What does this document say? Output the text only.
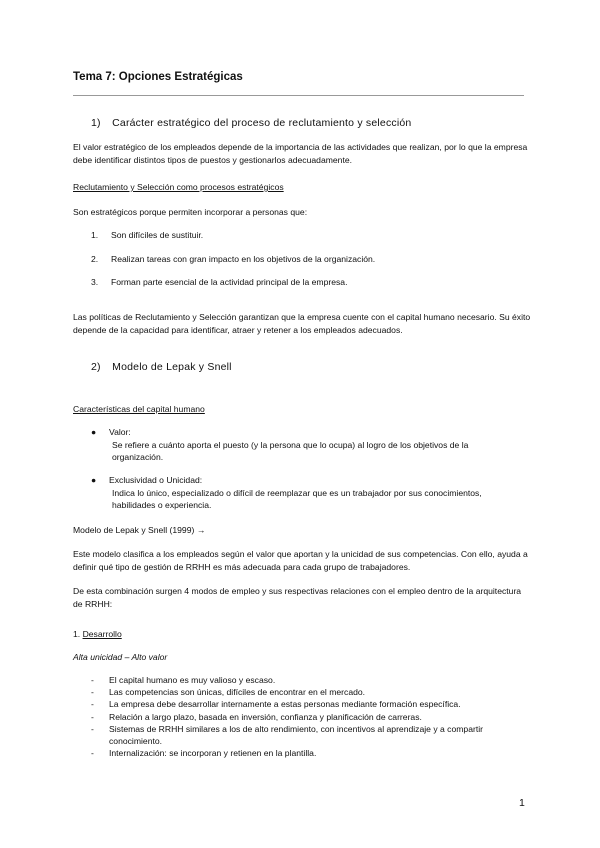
Tema 7: Opciones Estratégicas
1) Carácter estratégico del proceso de reclutamiento y selección
El valor estratégico de los empleados depende de la importancia de las actividades que realizan, por lo que la empresa debe identificar distintos tipos de puestos y gestionarlos adecuadamente.
Reclutamiento y Selección como procesos estratégicos
Son estratégicos porque permiten incorporar a personas que:
1. Son difíciles de sustituir.
2. Realizan tareas con gran impacto en los objetivos de la organización.
3. Forman parte esencial de la actividad principal de la empresa.
Las políticas de Reclutamiento y Selección garantizan que la empresa cuente con el capital humano necesario. Su éxito depende de la capacidad para identificar, atraer y retener a los empleados adecuados.
2) Modelo de Lepak y Snell
Características del capital humano
● Valor:
Se refiere a cuánto aporta el puesto (y la persona que lo ocupa) al logro de los objetivos de la organización.
● Exclusividad o Unicidad:
Indica lo único, especializado o difícil de reemplazar que es un trabajador por sus conocimientos, habilidades o experiencia.
Modelo de Lepak y Snell (1999) →
Este modelo clasifica a los empleados según el valor que aportan y la unicidad de sus competencias. Con ello, ayuda a definir qué tipo de gestión de RRHH es más adecuada para cada grupo de trabajadores.
De esta combinación surgen 4 modos de empleo y sus respectivas relaciones con el empleo dentro de la arquitectura de RRHH:
1. Desarrollo
Alta unicidad – Alto valor
- El capital humano es muy valioso y escaso.
- Las competencias son únicas, difíciles de encontrar en el mercado.
- La empresa debe desarrollar internamente a estas personas mediante formación específica.
- Relación a largo plazo, basada en inversión, confianza y planificación de carreras.
- Sistemas de RRHH similares a los de alto rendimiento, con incentivos al aprendizaje y a compartir conocimiento.
- Internalización: se incorporan y retienen en la plantilla.
1
